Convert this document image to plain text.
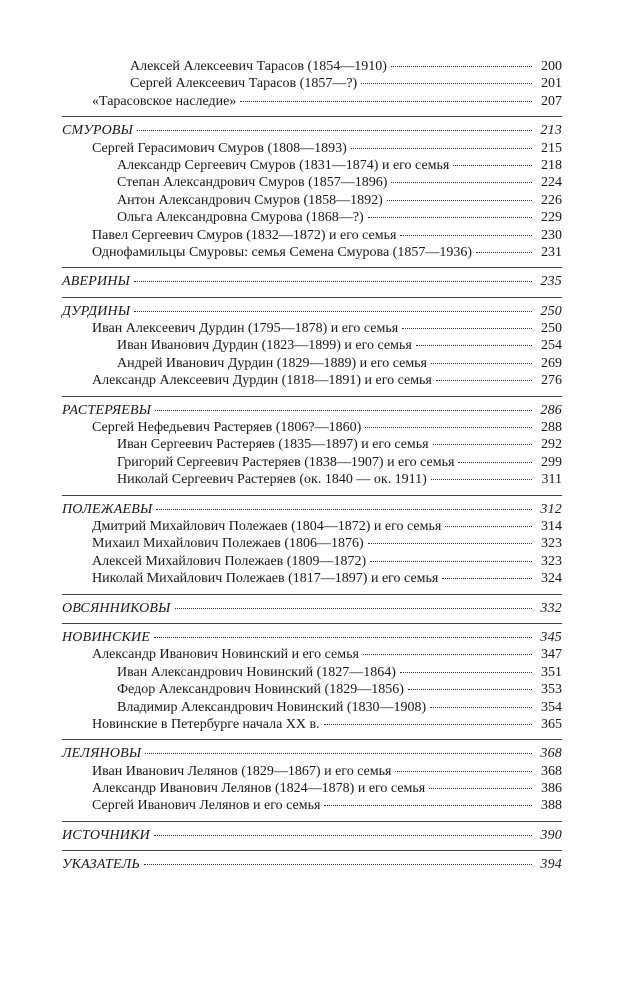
Алексей Алексеевич Тарасов (1854—1910)	200
Сергей Алексеевич Тарасов (1857—?)	201
«Тарасовское наследие»	207
СМУРОВЫ	213
Сергей Герасимович Смуров (1808—1893)	215
Александр Сергеевич Смуров (1831—1874) и его семья	218
Степан Александрович Смуров (1857—1896)	224
Антон Александрович Смуров (1858—1892)	226
Ольга Александровна Смурова (1868—?)	229
Павел Сергеевич Смуров (1832—1872) и его семья	230
Однофамильцы Смуровы: семья Семена Смурова (1857—1936)	231
АВЕРИНЫ	235
ДУРДИНЫ	250
Иван Алексеевич Дурдин (1795—1878) и его семья	250
Иван Иванович Дурдин (1823—1899) и его семья	254
Андрей Иванович Дурдин (1829—1889) и его семья	269
Александр Алексеевич Дурдин (1818—1891) и его семья	276
РАСТЕРЯЕВЫ	286
Сергей Нефедьевич Растеряев (1806?—1860)	288
Иван Сергеевич Растеряев (1835—1897) и его семья	292
Григорий Сергеевич Растеряев (1838—1907) и его семья	299
Николай Сергеевич Растеряев (ок. 1840 — ок. 1911)	311
ПОЛЕЖАЕВЫ	312
Дмитрий Михайлович Полежаев (1804—1872) и его семья	314
Михаил Михайлович Полежаев (1806—1876)	323
Алексей Михайлович Полежаев (1809—1872)	323
Николай Михайлович Полежаев (1817—1897) и его семья	324
ОВСЯННИКОВЫ	332
НОВИНСКИЕ	345
Александр Иванович Новинский и его семья	347
Иван Александрович Новинский (1827—1864)	351
Федор Александрович Новинский (1829—1856)	353
Владимир Александрович Новинский (1830—1908)	354
Новинские в Петербурге начала XX в.	365
ЛЕЛЯНОВЫ	368
Иван Иванович Лелянов (1829—1867) и его семья	368
Александр Иванович Лелянов (1824—1878) и его семья	386
Сергей Иванович Лелянов и его семья	388
ИСТОЧНИКИ	390
УКАЗАТЕЛЬ	394
